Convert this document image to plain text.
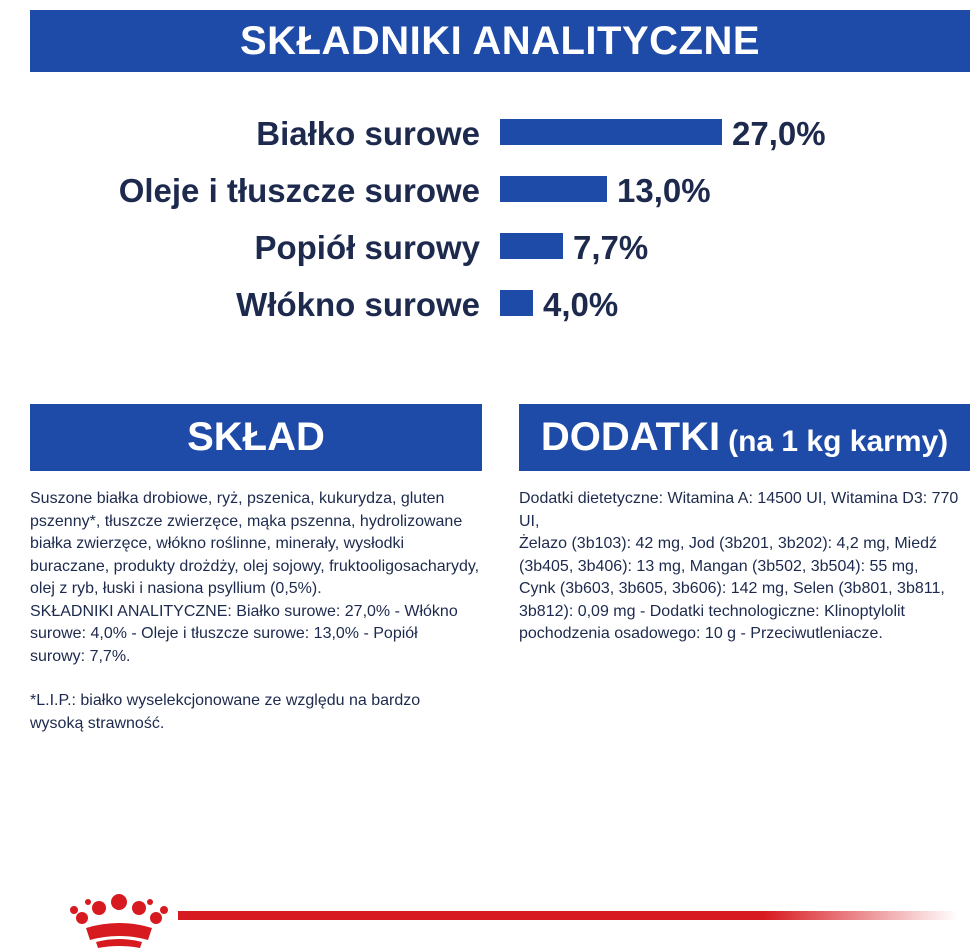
SKŁADNIKI ANALITYCZNE
Białko surowe	27,0%
Oleje i tłuszcze surowe	13,0%
Popiół surowy	7,7%
Włókno surowe 4,0%
SKŁAD	DODATKI (na 1 kg karmy)
Suszone białka drobiowe, ryż, pszenica, kukurydza, gluten
pszenny*, tłuszcze zwierzęce, mąka pszenna, hydrolizowane
białka zwierzęce, włókno roślinne, minerały, wysłodki
buraczane, produkty drożdży, olej sojowy, fruktooligosacharydy,
olej z ryb, łuski i nasiona psyllium (0,5%).
SKŁADNIKI ANALITYCZNE: Białko surowe: 27,0% - Włókno
surowe: 4,0% - Oleje i tłuszcze surowe: 13,0% - Popiół
surowy: 7,7%.
*L.I.P.: białko wyselekcjonowane ze względu na bardzo
wysoką strawność.
Dodatki dietetyczne: Witamina A: 14500 UI, Witamina D3: 770 UI,
Żelazo (3b103): 42 mg, Jod (3b201, 3b202): 4,2 mg, Miedź
(3b405, 3b406): 13 mg, Mangan (3b502, 3b504): 55 mg,
Cynk (3b603, 3b605, 3b606): 142 mg, Selen (3b801, 3b811,
3b812): 0,09 mg - Dodatki technologiczne: Klinoptylolit
pochodzenia osadowego: 10 g - Przeciwutleniacze.
